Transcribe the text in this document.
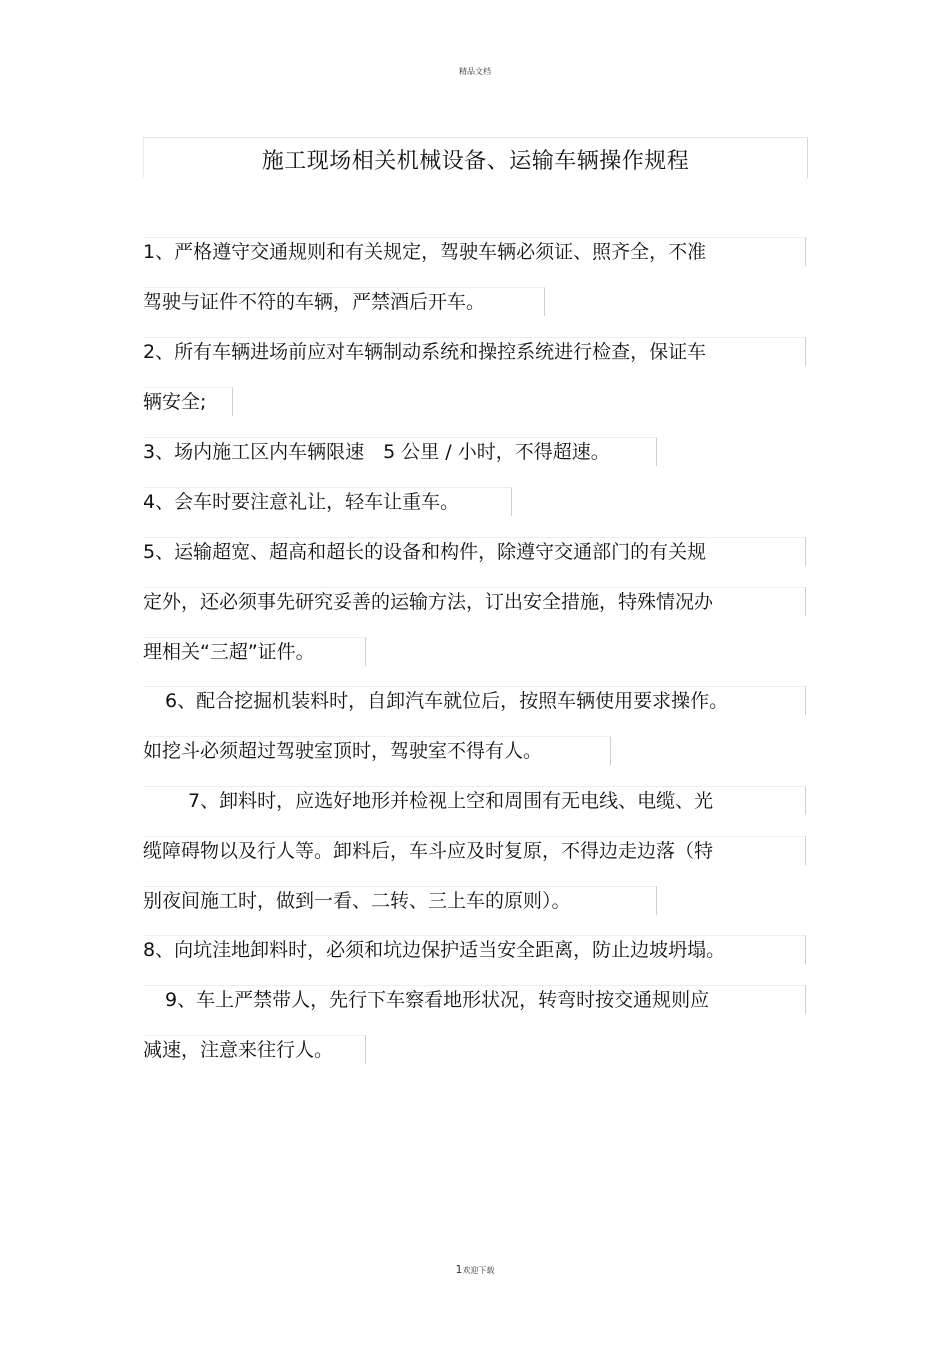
精品文档
施工现场相关机械设备、运输车辆操作规程
1、严格遵守交通规则和有关规定，驾驶车辆必须证、照齐全，不准
驾驶与证件不符的车辆，严禁酒后开车。
2、所有车辆进场前应对车辆制动系统和操控系统进行检查，保证车
辆安全;
3、场内施工区内车辆限速　5 公里 / 小时，不得超速。
4、会车时要注意礼让，轻车让重车。
5、运输超宽、超高和超长的设备和构件，除遵守交通部门的有关规
定外，还必须事先研究妥善的运输方法，订出安全措施，特殊情况办
理相关“三超”证件。
6、配合挖掘机装料时，自卸汽车就位后，按照车辆使用要求操作。
如挖斗必须超过驾驶室顶时，驾驶室不得有人。
7、卸料时，应选好地形并检视上空和周围有无电线、电缆、光
缆障碍物以及行人等。卸料后，车斗应及时复原，不得边走边落（特
别夜间施工时，做到一看、二转、三上车的原则）。
8、向坑洼地卸料时，必须和坑边保护适当安全距离，防止边坡坍塌。
9、车上严禁带人，先行下车察看地形状况，转弯时按交通规则应
减速，注意来往行人。
1欢迎下载
